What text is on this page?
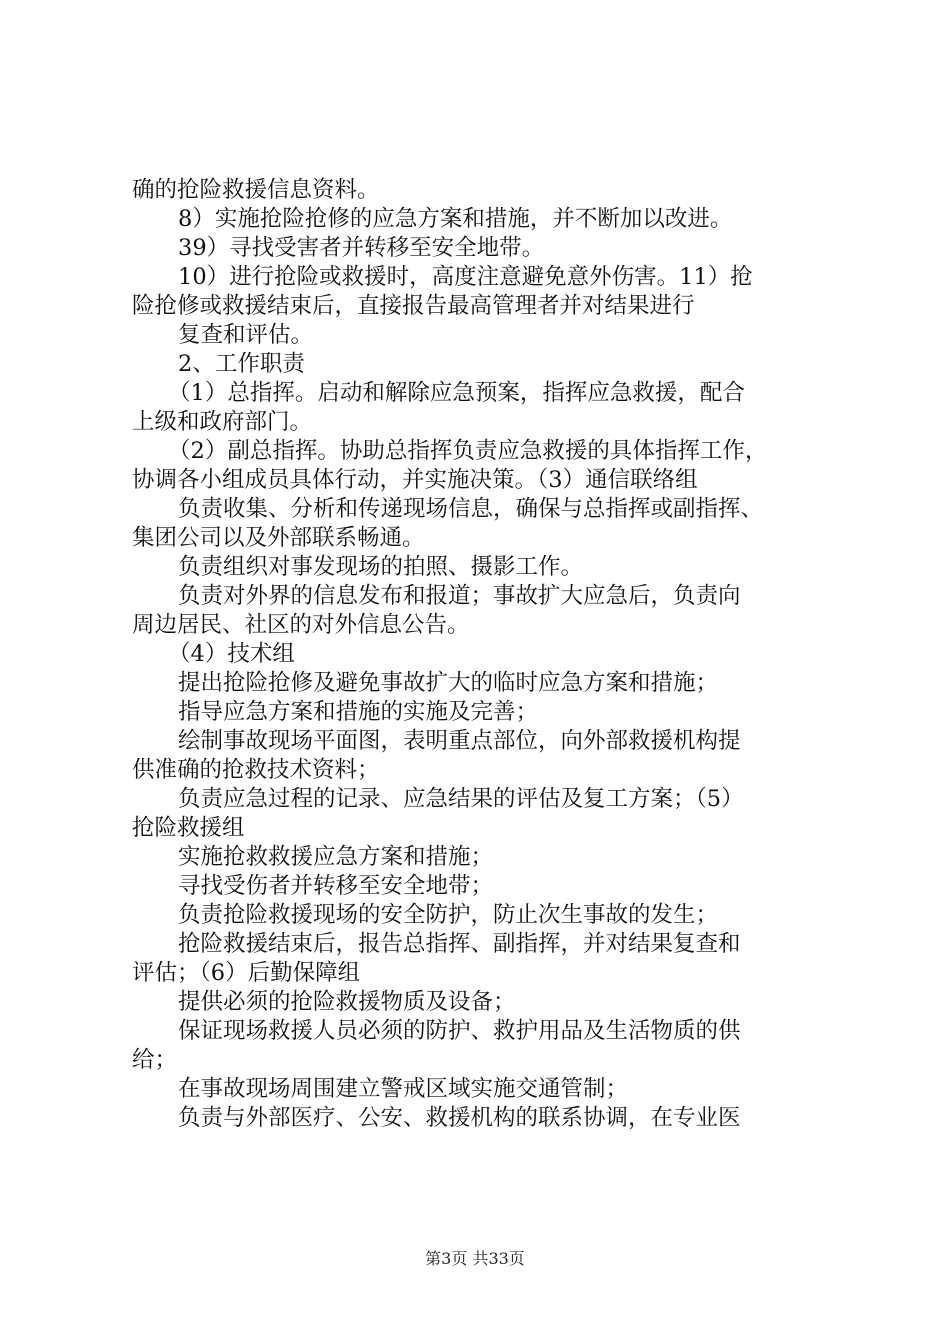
确的抢险救援信息资料。
8）实施抢险抢修的应急方案和措施，并不断加以改进。
39）寻找受害者并转移至安全地带。
10）进行抢险或救援时，高度注意避免意外伤害。11）抢
险抢修或救援结束后，直接报告最高管理者并对结果进行
复查和评估。
2、工作职责
（1）总指挥。启动和解除应急预案，指挥应急救援，配合
上级和政府部门。
（2）副总指挥。协助总指挥负责应急救援的具体指挥工作，
协调各小组成员具体行动，并实施决策。（3）通信联络组
负责收集、分析和传递现场信息，确保与总指挥或副指挥、
集团公司以及外部联系畅通。
负责组织对事发现场的拍照、摄影工作。
负责对外界的信息发布和报道；事故扩大应急后，负责向
周边居民、社区的对外信息公告。
（4）技术组
提出抢险抢修及避免事故扩大的临时应急方案和措施；
指导应急方案和措施的实施及完善；
绘制事故现场平面图，表明重点部位，向外部救援机构提
供准确的抢救技术资料；
负责应急过程的记录、应急结果的评估及复工方案；（5）
抢险救援组
实施抢救救援应急方案和措施；
寻找受伤者并转移至安全地带；
负责抢险救援现场的安全防护，防止次生事故的发生；
抢险救援结束后，报告总指挥、副指挥，并对结果复查和
评估；（6）后勤保障组
提供必须的抢险救援物质及设备；
保证现场救援人员必须的防护、救护用品及生活物质的供
给；
在事故现场周围建立警戒区域实施交通管制；
负责与外部医疗、公安、救援机构的联系协调，在专业医
第3页 共33页
